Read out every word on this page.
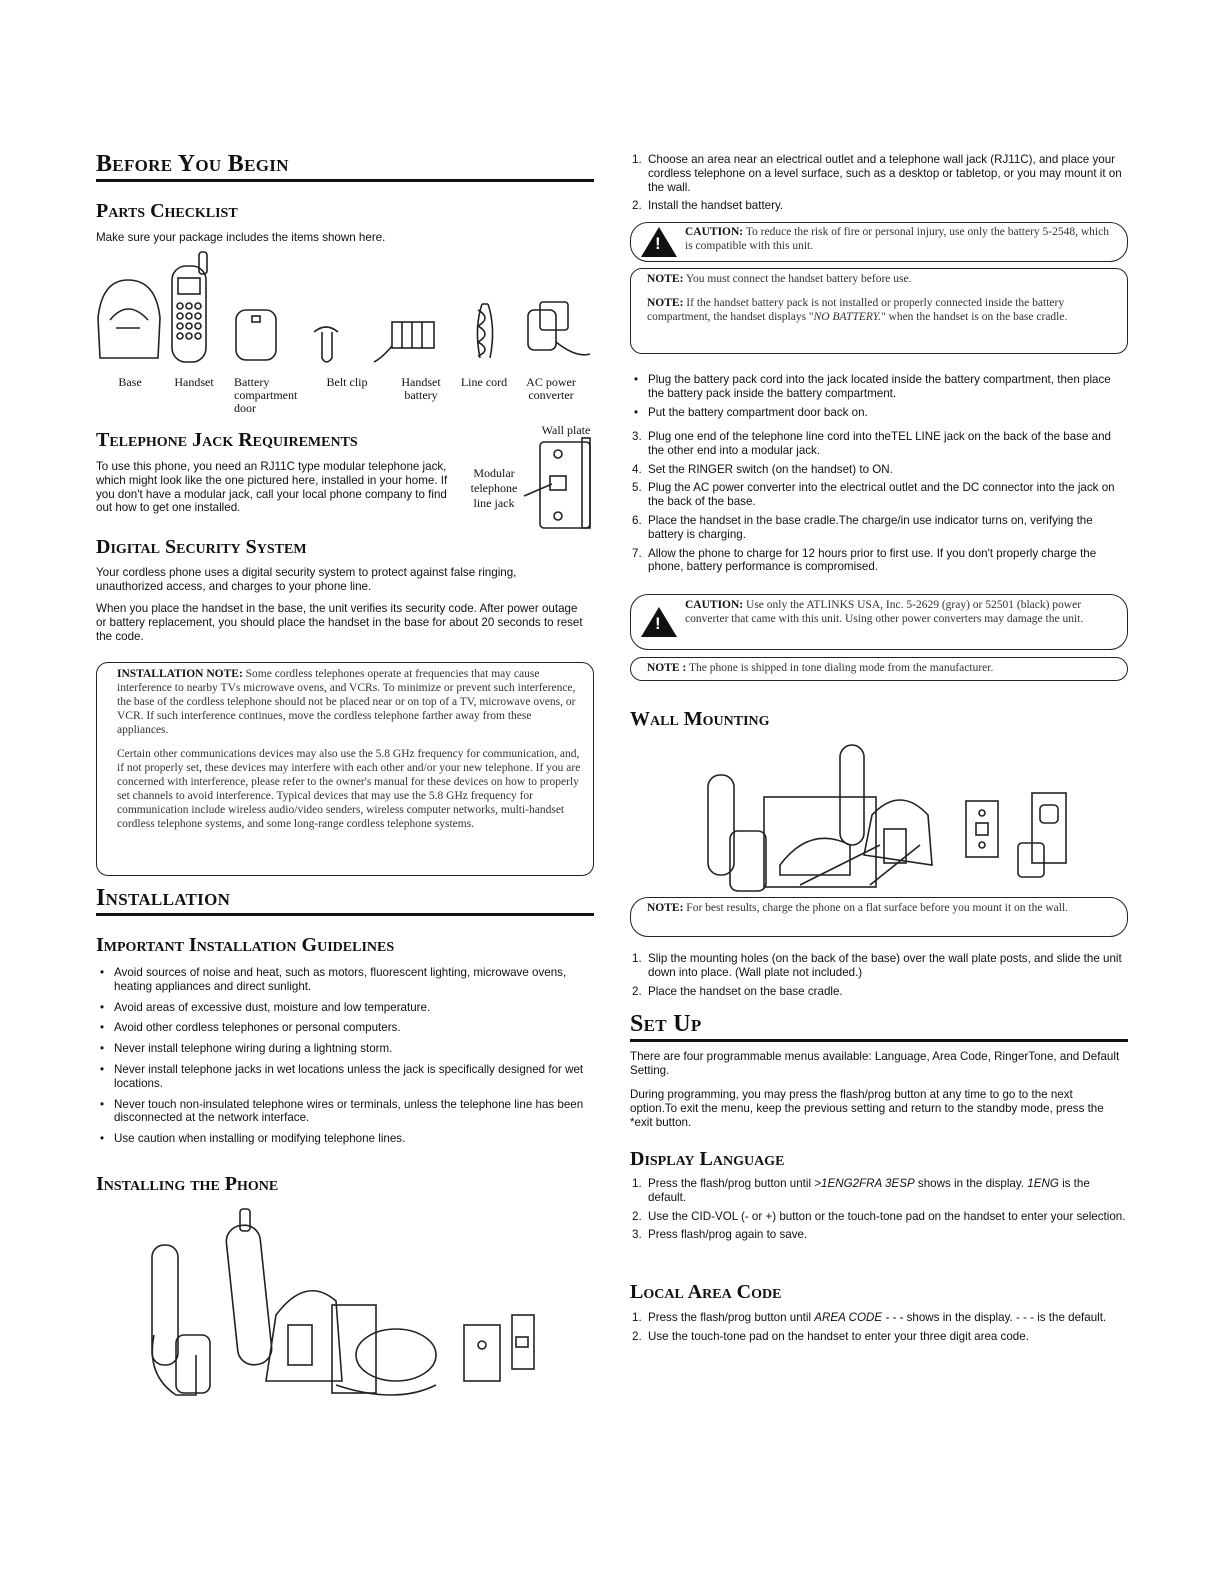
Before You Begin
Parts Checklist

Make sure your package includes the items shown here.

Base	Handset	Battery compartment door
Belt clip	Handset battery
Line cord	AC power converter
Telephone Jack Requirements

To use this phone, you need an RJ11C type modular telephone jack, which might look like the one pictured here, installed in your home. If you don't have a modular jack, call your local phone company to find out how to get one installed.

Wall plate
Modular telephone line jack
Digital Security System

Your cordless phone uses a digital security system to protect against false ringing, unauthorized access, and charges to your phone line.

When you place the handset in the base, the unit verifies its security code. After power outage or battery replacement, you should place the handset in the base for about 20 seconds to reset the code.

INSTALLATION NOTE: Some cordless telephones operate at frequencies that may cause interference to nearby TVs microwave ovens, and VCRs. To minimize or prevent such interference, the base of the cordless telephone should not be placed near or on top of a TV, microwave ovens, or VCR. If such interference continues, move the cordless telephone farther away from these appliances.

Certain other communications devices may also use the 5.8 GHz frequency for communication, and, if not properly set, these devices may interfere with each other and/or your new telephone. If you are concerned with interference, please refer to the owner's manual for these devices on how to properly set channels to avoid interference. Typical devices that may use the 5.8 GHz frequency for communication include wireless audio/video senders, wireless computer networks, multi-handset cordless telephone systems, and some long-range cordless telephone systems.

Installation
Important Installation Guidelines
• Avoid sources of noise and heat, such as motors, fluorescent lighting, microwave ovens, heating appliances and direct sunlight.
• Avoid areas of excessive dust, moisture and low temperature.
• Avoid other cordless telephones or personal computers.
• Never install telephone wiring during a lightning storm.
• Never install telephone jacks in wet locations unless the jack is specifically designed for wet locations.
• Never touch non-insulated telephone wires or terminals, unless the telephone line has been disconnected at the network interface.
• Use caution when installing or modifying telephone lines.
Installing the Phone
1. Choose an area near an electrical outlet and a telephone wall jack (RJ11C), and place your cordless telephone on a level surface, such as a desktop or tabletop, or you may mount it on the wall.
2. Install the handset battery.
!

CAUTION: To reduce the risk of fire or personal injury, use only the battery 5-2548, which is compatible with this unit.

NOTE: You must connect the handset battery before use.

NOTE: If the handset battery pack is not installed or properly connected inside the battery compartment, the handset displays "NO BATTERY." when the handset is on the base cradle.

• Plug the battery pack cord into the jack located inside the battery compartment, then place the battery pack inside the battery compartment.
• Put the battery compartment door back on.
3. Plug one end of the telephone line cord into theTEL LINE jack on the back of the base and the other end into a modular jack.
4. Set the RINGER switch (on the handset) to ON.
5. Plug the AC power converter into the electrical outlet and the DC connector into the jack on the back of the base.
6. Place the handset in the base cradle.The charge/in use indicator turns on, verifying the battery is charging.
7. Allow the phone to charge for 12 hours prior to first use. If you don't properly charge the phone, battery performance is compromised.
!

CAUTION: Use only the ATLINKS USA, Inc. 5-2629 (gray) or 52501 (black) power converter that came with this unit. Using other power converters may damage the unit.

NOTE : The phone is shipped in tone dialing mode from the manufacturer.

Wall Mounting

NOTE: For best results, charge the phone on a flat surface before you mount it on the wall.

1. Slip the mounting holes (on the back of the base) over the wall plate posts, and slide the unit down into place. (Wall plate not included.)
2. Place the handset on the base cradle.
Set Up

There are four programmable menus available: Language, Area Code, RingerTone, and Default Setting.

During programming, you may press the flash/prog button at any time to go to the next option.To exit the menu, keep the previous setting and return to the standby mode, press the *exit button.

Display Language
1. Press the flash/prog button until >1ENG2FRA 3ESP shows in the display. 1ENG is the default.
2. Use the CID-VOL (- or +) button or the touch-tone pad on the handset to enter your selection.
3. Press flash/prog again to save.
Local Area Code
1. Press the flash/prog button until AREA CODE - - - shows in the display. - - - is the default.
2. Use the touch-tone pad on the handset to enter your three digit area code.
